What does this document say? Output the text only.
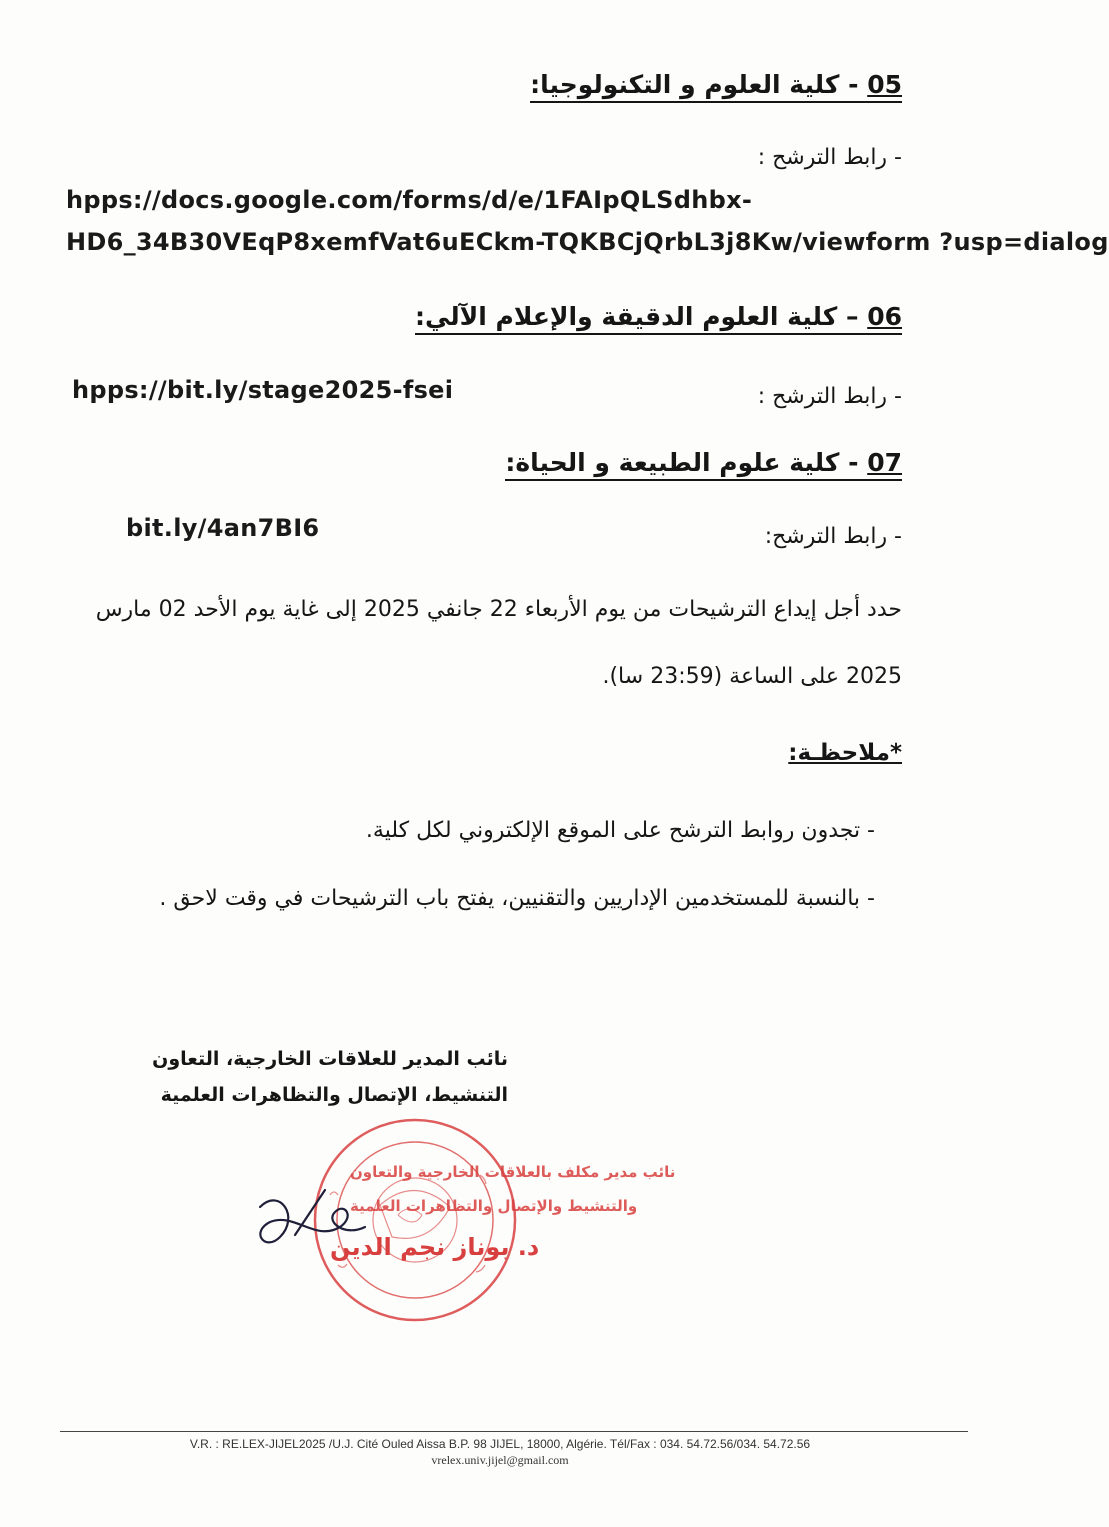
05 - كلية العلوم و التكنولوجيا:
- رابط الترشح :
hpps://docs.google.com/forms/d/e/1FAIpQLSdhbx-
HD6_34B30VEqP8xemfVat6uECkm-TQKBCjQrbL3j8Kw/viewform ?usp=dialog
06 – كلية العلوم الدقيقة والإعلام الآلي:
- رابط الترشح :
hpps://bit.ly/stage2025-fsei
07 - كلية علوم الطبيعة و الحياة:
- رابط الترشح:
bit.ly/4an7BI6
حدد أجل إيداع الترشيحات من يوم الأربعاء 22 جانفي 2025 إلى غاية يوم الأحد 02 مارس
2025 على الساعة (23:59 سا).
*ملاحظـة:
- تجدون روابط الترشح على الموقع الإلكتروني لكل كلية.
- بالنسبة للمستخدمين الإداريين والتقنيين، يفتح باب الترشيحات في وقت لاحق .
نائب المدير للعلاقات الخارجية، التعاون
التنشيط، الإتصال والتظاهرات العلمية
نائب مدير مكلف بالعلاقات الخارجية والتعاون
والتنشيط والإتصال والتظاهرات العلمية
د. بوناز نجم الدين
V.R. : RE.LEX-JIJEL2025 /U.J. Cité Ouled Aissa B.P. 98 JIJEL, 18000, Algérie. Tél/Fax : 034. 54.72.56/034. 54.72.56
vrelex.univ.jijel@gmail.com
